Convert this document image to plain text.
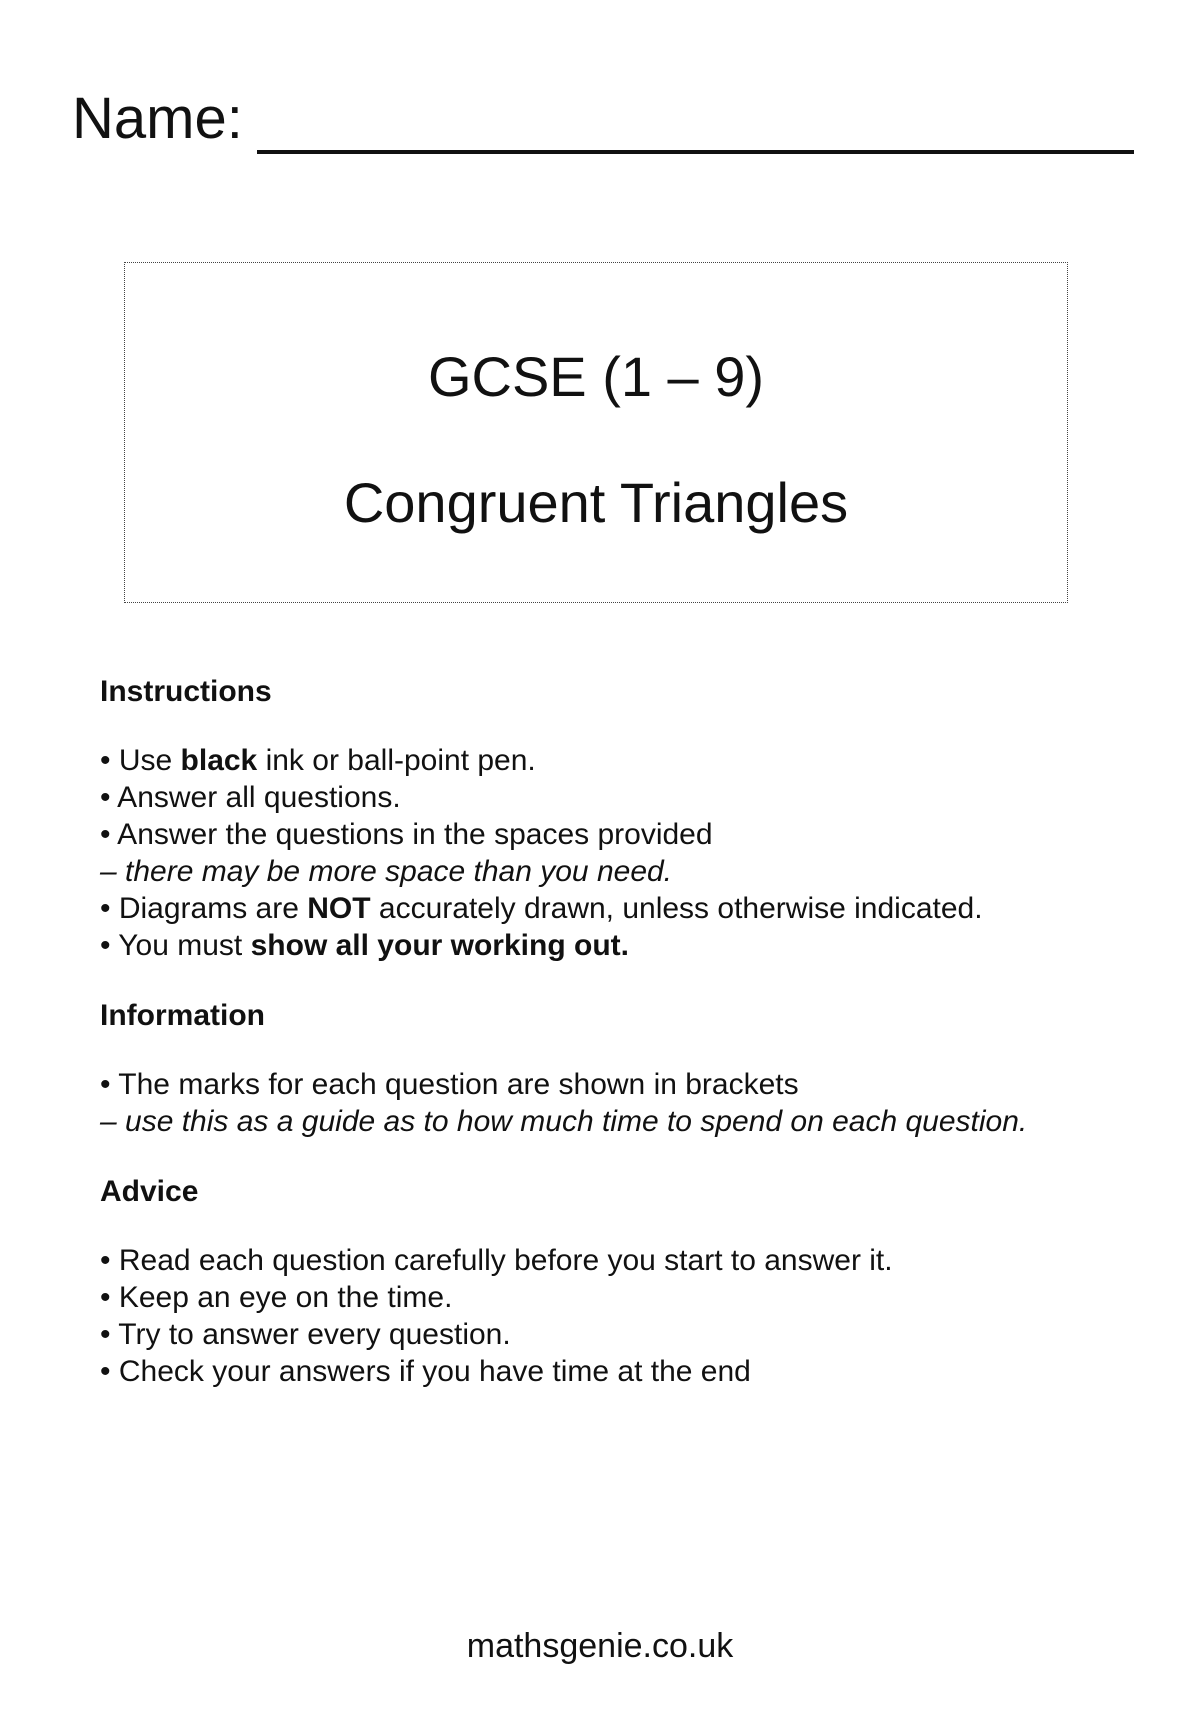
Name:
GCSE (1 – 9)
Congruent Triangles
Instructions
• Use black ink or ball-point pen.
• Answer all questions.
• Answer the questions in the spaces provided
– there may be more space than you need.
• Diagrams are NOT accurately drawn, unless otherwise indicated.
• You must show all your working out.
Information
• The marks for each question are shown in brackets
– use this as a guide as to how much time to spend on each question.
Advice
• Read each question carefully before you start to answer it.
• Keep an eye on the time.
• Try to answer every question.
• Check your answers if you have time at the end
mathsgenie.co.uk
